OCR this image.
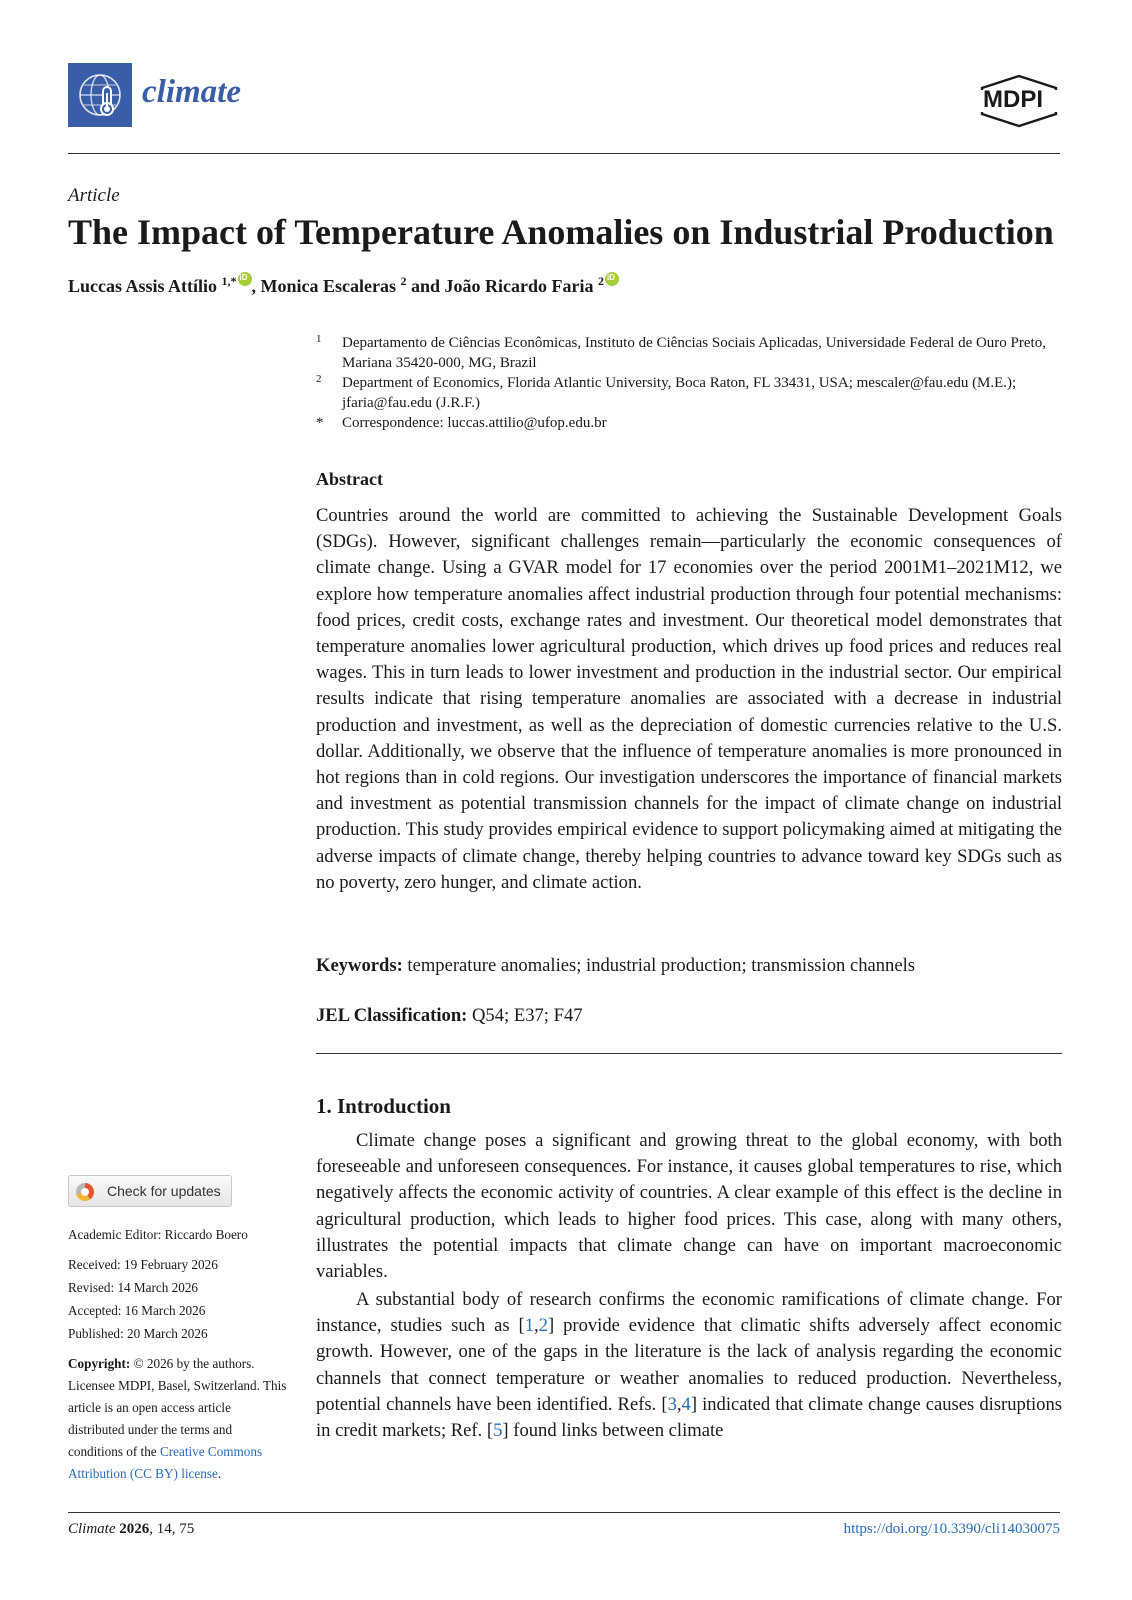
climate	MDPI
Article
The Impact of Temperature Anomalies on Industrial Production
Luccas Assis Attílio $^{1,*}$iD , Monica Escaleras $^2$ and João Ricardo Faria $^2$iD
1 Departamento de Ciências Econômicas, Instituto de Ciências Sociais Aplicadas, Universidade Federal de Ouro Preto, Mariana 35420-000, MG, Brazil
2 Department of Economics, Florida Atlantic University, Boca Raton, FL 33431, USA; mescaler@fau.edu (M.E.); jfaria@fau.edu (J.R.F.)
* Correspondence: luccas.attilio@ufop.edu.br
Abstract
Countries around the world are committed to achieving the Sustainable Development Goals (SDGs). However, significant challenges remain—particularly the economic consequences of climate change. Using a GVAR model for 17 economies over the period 2001M1–2021M12, we explore how temperature anomalies affect industrial production through four potential mechanisms: food prices, credit costs, exchange rates and investment. Our theoretical model demonstrates that temperature anomalies lower agricultural production, which drives up food prices and reduces real wages. This in turn leads to lower investment and production in the industrial sector. Our empirical results indicate that rising temperature anomalies are associated with a decrease in industrial production and investment, as well as the depreciation of domestic currencies relative to the U.S. dollar. Additionally, we observe that the influence of temperature anomalies is more pronounced in hot regions than in cold regions. Our investigation underscores the importance of financial markets and investment as potential transmission channels for the impact of climate change on industrial production. This study provides empirical evidence to support policymaking aimed at mitigating the adverse impacts of climate change, thereby helping countries to advance toward key SDGs such as no poverty, zero hunger, and climate action.
Keywords: temperature anomalies; industrial production; transmission channels
JEL Classification: Q54; E37; F47
1. Introduction
Climate change poses a significant and growing threat to the global economy, with both foreseeable and unforeseen consequences. For instance, it causes global temperatures to rise, which negatively affects the economic activity of countries. A clear example of this effect is the decline in agricultural production, which leads to higher food prices. This case, along with many others, illustrates the potential impacts that climate change can have on important macroeconomic variables.
A substantial body of research confirms the economic ramifications of climate change. For instance, studies such as [1,2] provide evidence that climatic shifts adversely affect economic growth. However, one of the gaps in the literature is the lack of analysis regarding the economic channels that connect temperature or weather anomalies to reduced production. Nevertheless, potential channels have been identified. Refs. [3,4] indicated that climate change causes disruptions in credit markets; Ref. [5] found links between climate
Check for updates
Academic Editor: Riccardo Boero
Received: 19 February 2026
Revised: 14 March 2026
Accepted: 16 March 2026
Published: 20 March 2026
Copyright: © 2026 by the authors. Licensee MDPI, Basel, Switzerland. This article is an open access article distributed under the terms and conditions of the Creative Commons Attribution (CC BY) license.
Climate 2026, 14, 75	https://doi.org/10.3390/cli14030075
